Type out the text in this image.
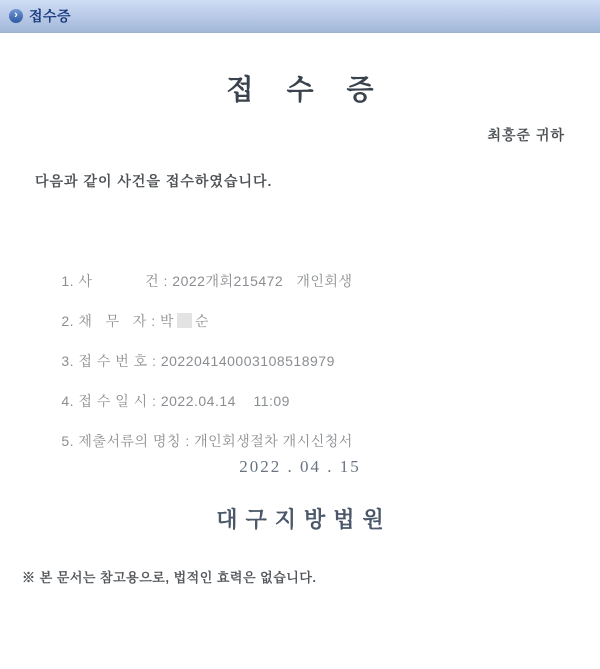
› 접수증
접 수 증
최홍준 귀하
다음과 같이 사건을 접수하였습니다.

1. 사            건 : 2022개회215472   개인회생

2. 채   무   자 : 박 순

3. 접 수 번 호 : 202204140003108518979

4. 접 수 일 시 : 2022.04.14    11:09

5. 제출서류의 명칭 : 개인회생절차 개시신청서

2022 . 04 . 15
대구지방법원
※ 본 문서는 참고용으로, 법적인 효력은 없습니다.
